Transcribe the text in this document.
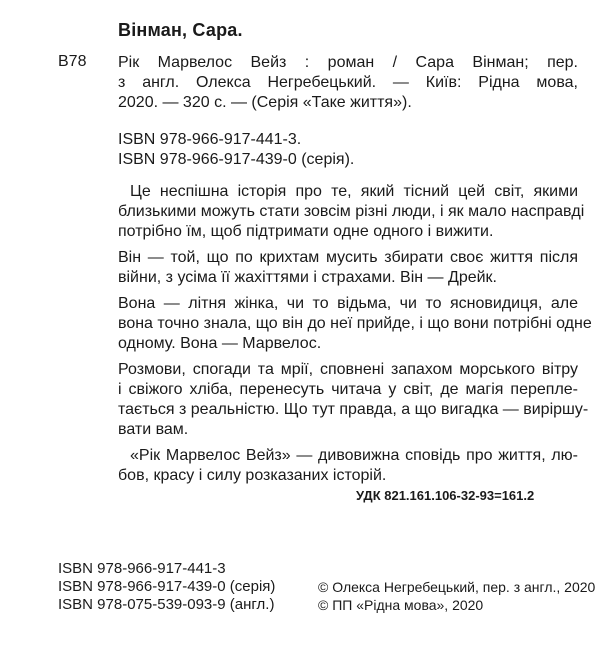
Вінман, Сара.
В78 Рік Марвелос Вейз : роман / Сара Вінман; пер.
з англ. Олекса Негребецький. — Київ: Рідна мова,
2020. — 320 с. — (Серія «Таке життя»).
ISBN 978-966-917-441-3.
ISBN 978-966-917-439-0 (серія).
Це неспішна історія про те, який тісний цей світ, якими
близькими можуть стати зовсім різні люди, і як мало насправді
потрібно їм, щоб підтримати одне одного і вижити.
Він — той, що по крихтам мусить збирати своє життя після
війни, з усіма її жахіттями і страхами. Він — Дрейк.
Вона — літня жінка, чи то відьма, чи то ясновидиця, але
вона точно знала, що він до неї прийде, і що вони потрібні одне
одному. Вона — Марвелос.
Розмови, спогади та мрії, сповнені запахом морського вітру
і свіжого хліба, перенесуть читача у світ, де магія перепле-
тається з реальністю. Що тут правда, а що вигадка — виріршу-
вати вам.
«Рік Марвелос Вейз» — дивовижна сповідь про життя, лю-
бов, красу і силу розказаних історій.
УДК 821.161.106-32-93=161.2
ISBN 978-966-917-441-3
ISBN 978-966-917-439-0 (серія)
ISBN 978-075-539-093-9 (англ.)
© Олекса Негребецький, пер. з англ., 2020
© ПП «Рідна мова», 2020
